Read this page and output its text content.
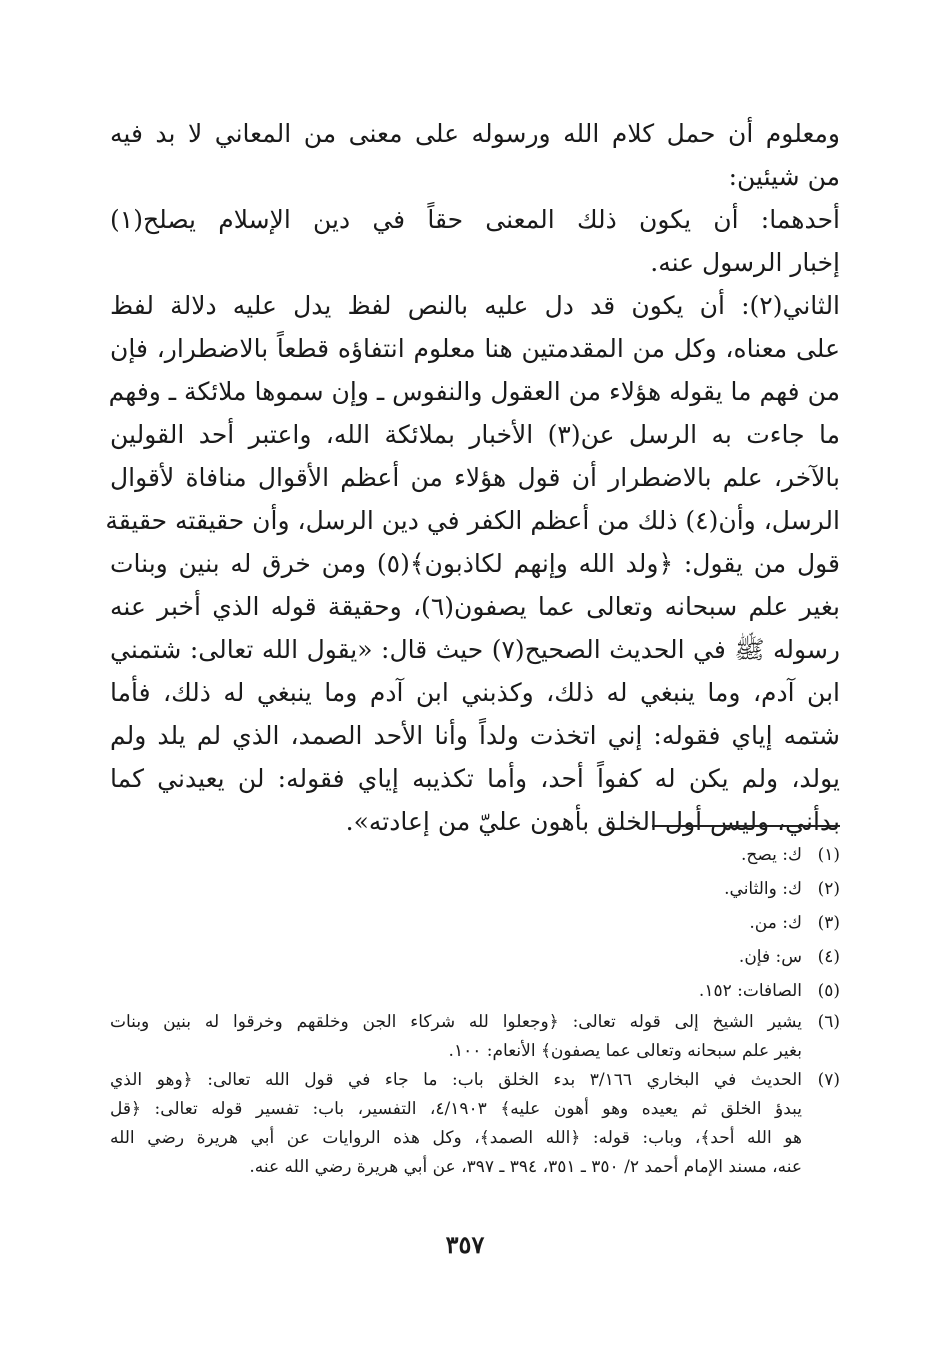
ومعلوم أن حمل كلام الله ورسوله على معنى من المعاني لا بد فيه
من شيئين:
أحدهما: أن يكون ذلك المعنى حقاً في دين الإسلام يصلح(١)
إخبار الرسول عنه.
الثاني(٢): أن يكون قد دل عليه بالنص لفظ يدل عليه دلالة لفظ
على معناه، وكل من المقدمتين هنا معلوم انتفاؤه قطعاً بالاضطرار، فإن
من فهم ما يقوله هؤلاء من العقول والنفوس ـ وإن سموها ملائكة ـ وفهم
ما جاءت به الرسل عن(٣) الأخبار بملائكة الله، واعتبر أحد القولين
بالآخر، علم بالاضطرار أن قول هؤلاء من أعظم الأقوال منافاة لأقوال
الرسل، وأن(٤) ذلك من أعظم الكفر في دين الرسل، وأن حقيقته حقيقة
قول من يقول: ﴿ولد الله وإنهم لكاذبون﴾(٥) ومن خرق له بنين وبنات
بغير علم سبحانه وتعالى عما يصفون(٦)، وحقيقة قوله الذي أخبر عنه
رسوله ﷺ في الحديث الصحيح(٧) حيث قال: «يقول الله تعالى: شتمني
ابن آدم، وما ينبغي له ذلك، وكذبني ابن آدم وما ينبغي له ذلك، فأما
شتمه إياي فقوله: إني اتخذت ولداً وأنا الأحد الصمد، الذي لم يلد ولم
يولد، ولم يكن له كفواً أحد، وأما تكذيبه إياي فقوله: لن يعيدني كما
بدأني، وليس أول الخلق بأهون عليّ من إعادته».
(١)
ك: يصح.
(٢)
ك: والثاني.
(٣)
ك: من.
(٤)
س: فإن.
(٥)
الصافات: ١٥٢.
(٦)
يشير الشيخ إلى قوله تعالى: ﴿وجعلوا لله شركاء الجن وخلقهم وخرقوا له بنين وبنات
بغير علم سبحانه وتعالى عما يصفون﴾ الأنعام: ١٠٠.
(٧)
الحديث في البخاري ٣/١٦٦ بدء الخلق باب: ما جاء في قول الله تعالى: ﴿وهو الذي
يبدؤ الخلق ثم يعيده وهو أهون عليه﴾ ٤/١٩٠٣، التفسير، باب: تفسير قوله تعالى: ﴿قل
هو الله أحد﴾، وباب: قوله: ﴿الله الصمد﴾، وكل هذه الروايات عن أبي هريرة رضي الله
عنه، مسند الإمام أحمد ٢/ ٣٥٠ ـ ٣٥١، ٣٩٤ ـ ٣٩٧، عن أبي هريرة رضي الله عنه.
٣٥٧
